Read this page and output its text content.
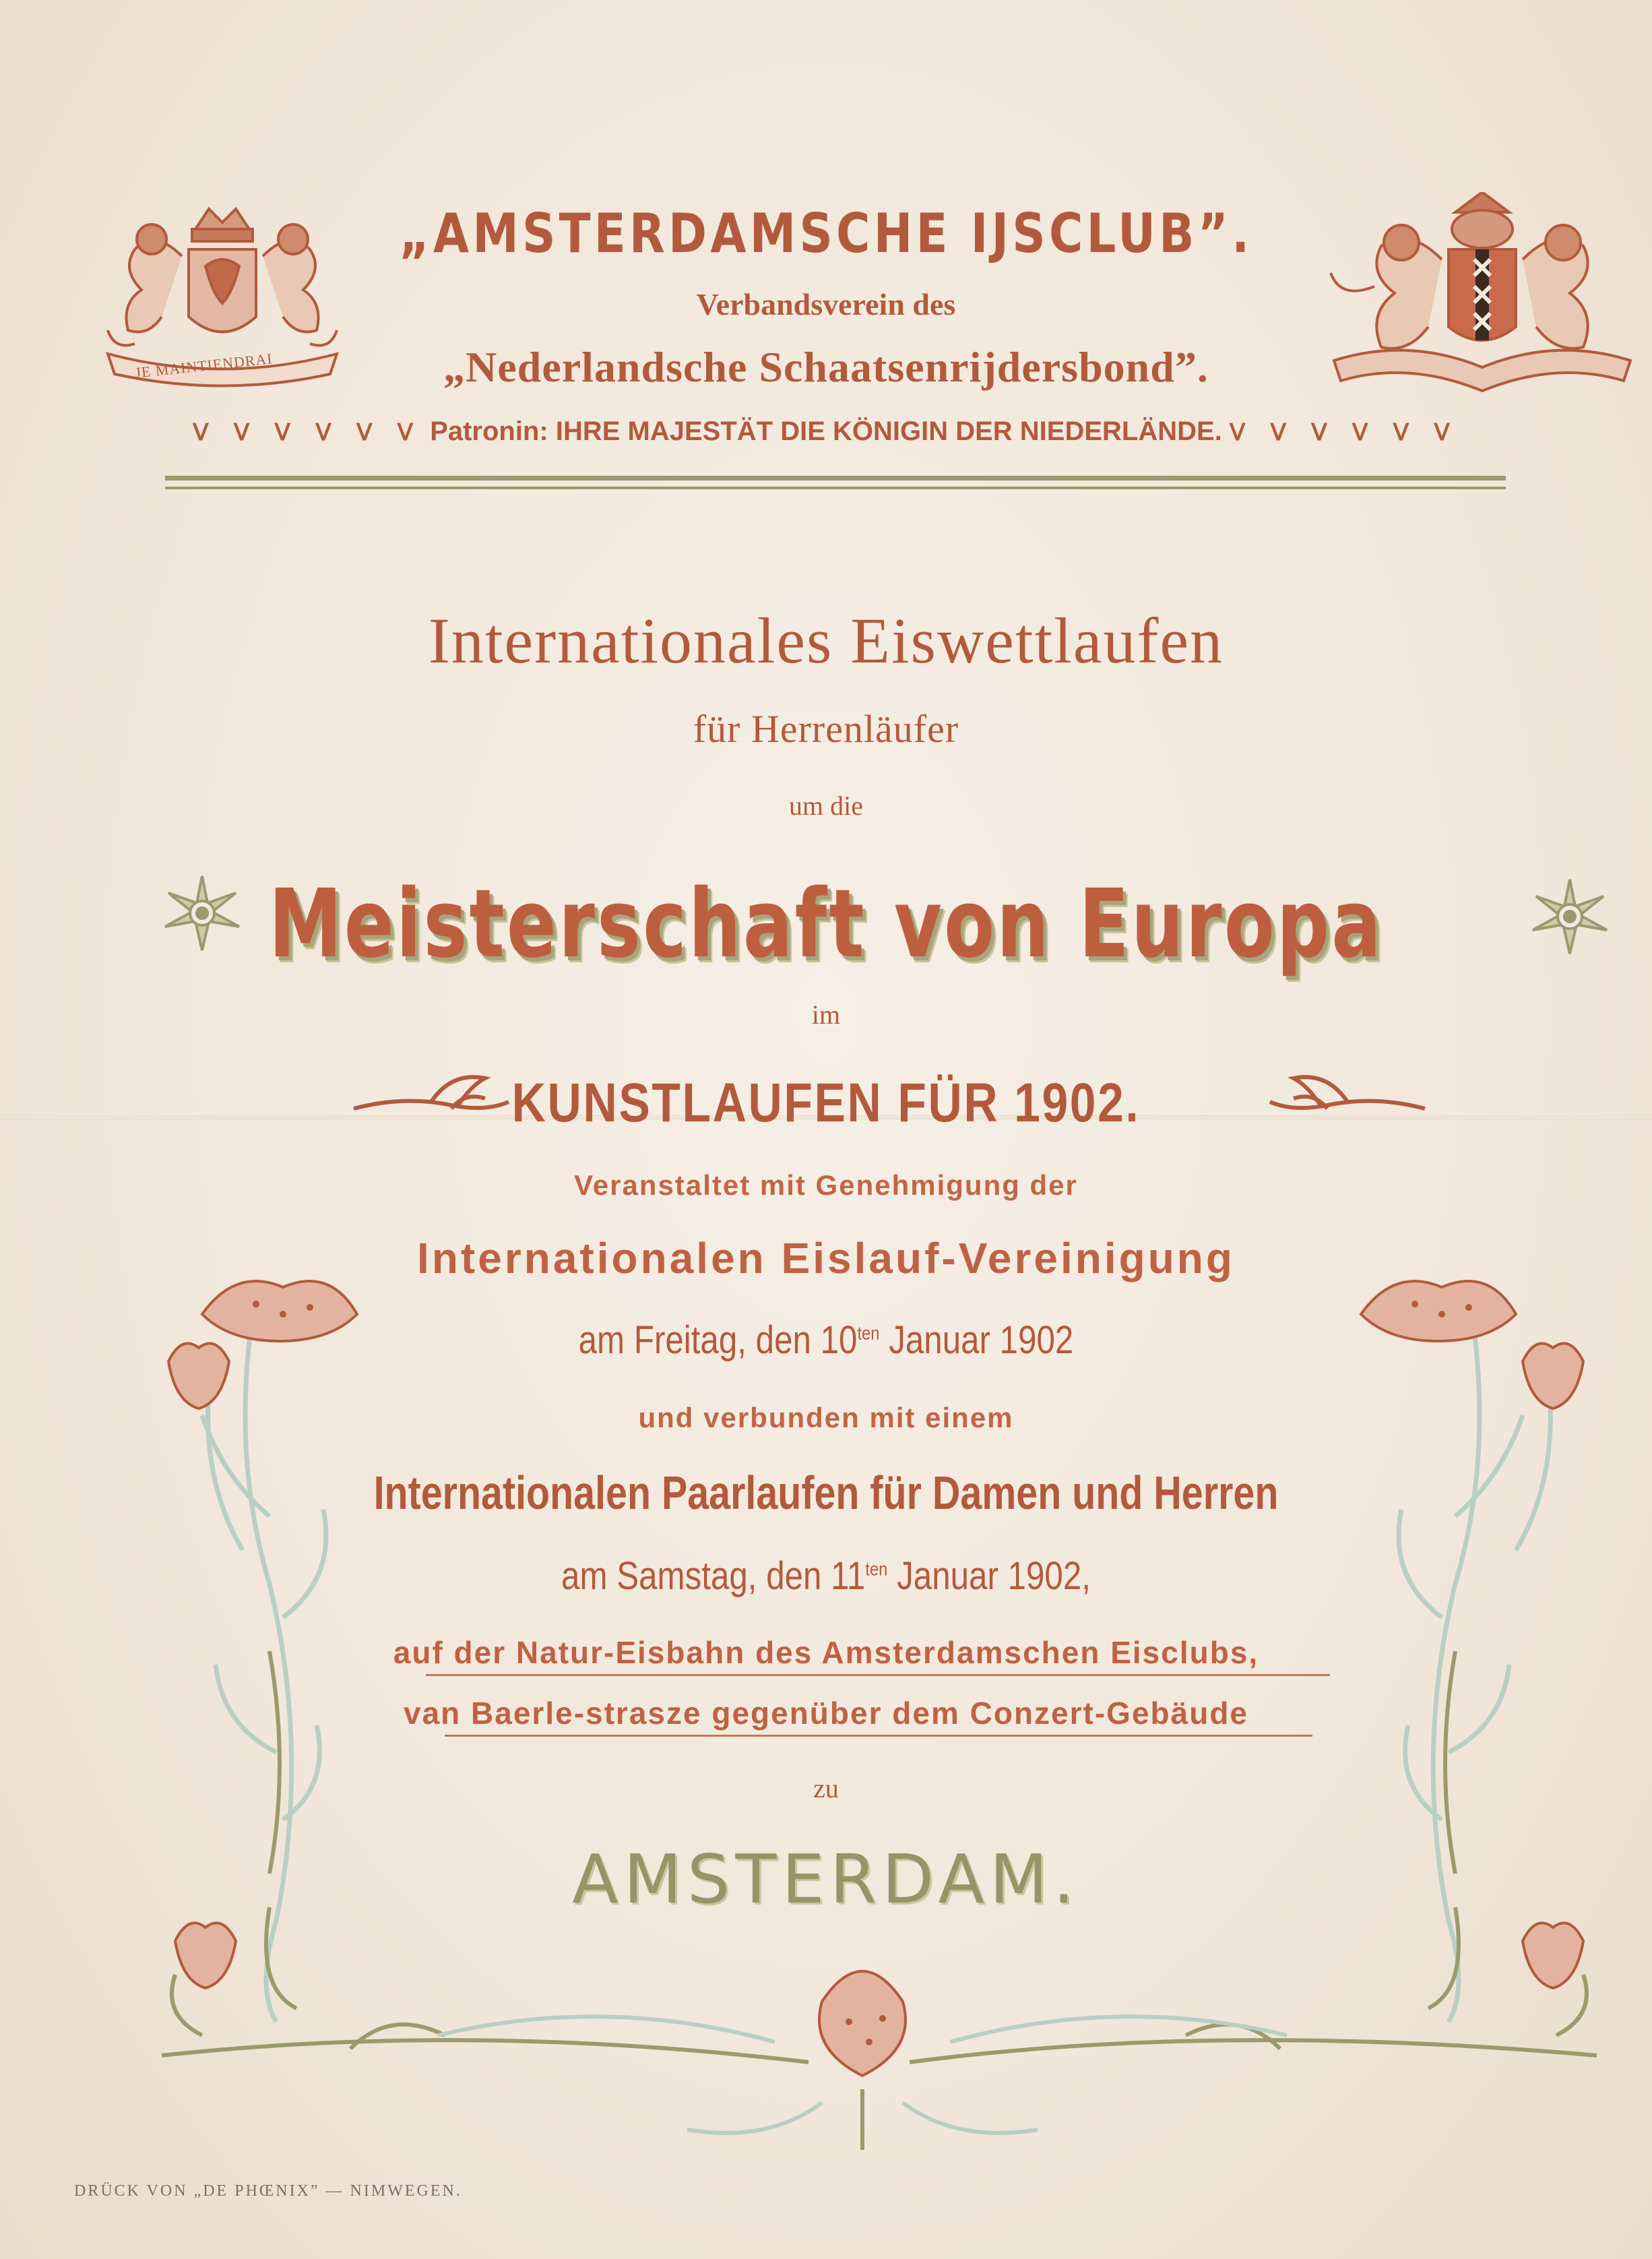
JE MAINTIENDRAI
„AMSTERDAMSCHE IJSCLUB”.
Verbandsverein des
„Nederlandsche Schaatsenrijdersbond”.
ᐯ ᐯ ᐯ ᐯ ᐯ ᐯ Patronin: IHRE MAJESTÄT DIE KÖNIGIN DER NIEDERLÄNDE. ᐯ ᐯ ᐯ ᐯ ᐯ ᐯ
Internationales Eiswettlaufen
für Herrenläufer
um die
Meisterschaft von Europa
im
KUNSTLAUFEN FÜR 1902.
Veranstaltet mit Genehmigung der
Internationalen Eislauf-Vereinigung
am Freitag, den $10^{ten}$ Januar 1902
und verbunden mit einem
Internationalen Paarlaufen für Damen und Herren
am Samstag, den $11^{ten}$ Januar 1902,
auf der Natur-Eisbahn des Amsterdamschen Eisclubs,
van Baerle-strasze gegenüber dem Conzert-Gebäude
zu
AMSTERDAM.
DRÜCK VON „DE PHŒNIX” — NIMWEGEN.
